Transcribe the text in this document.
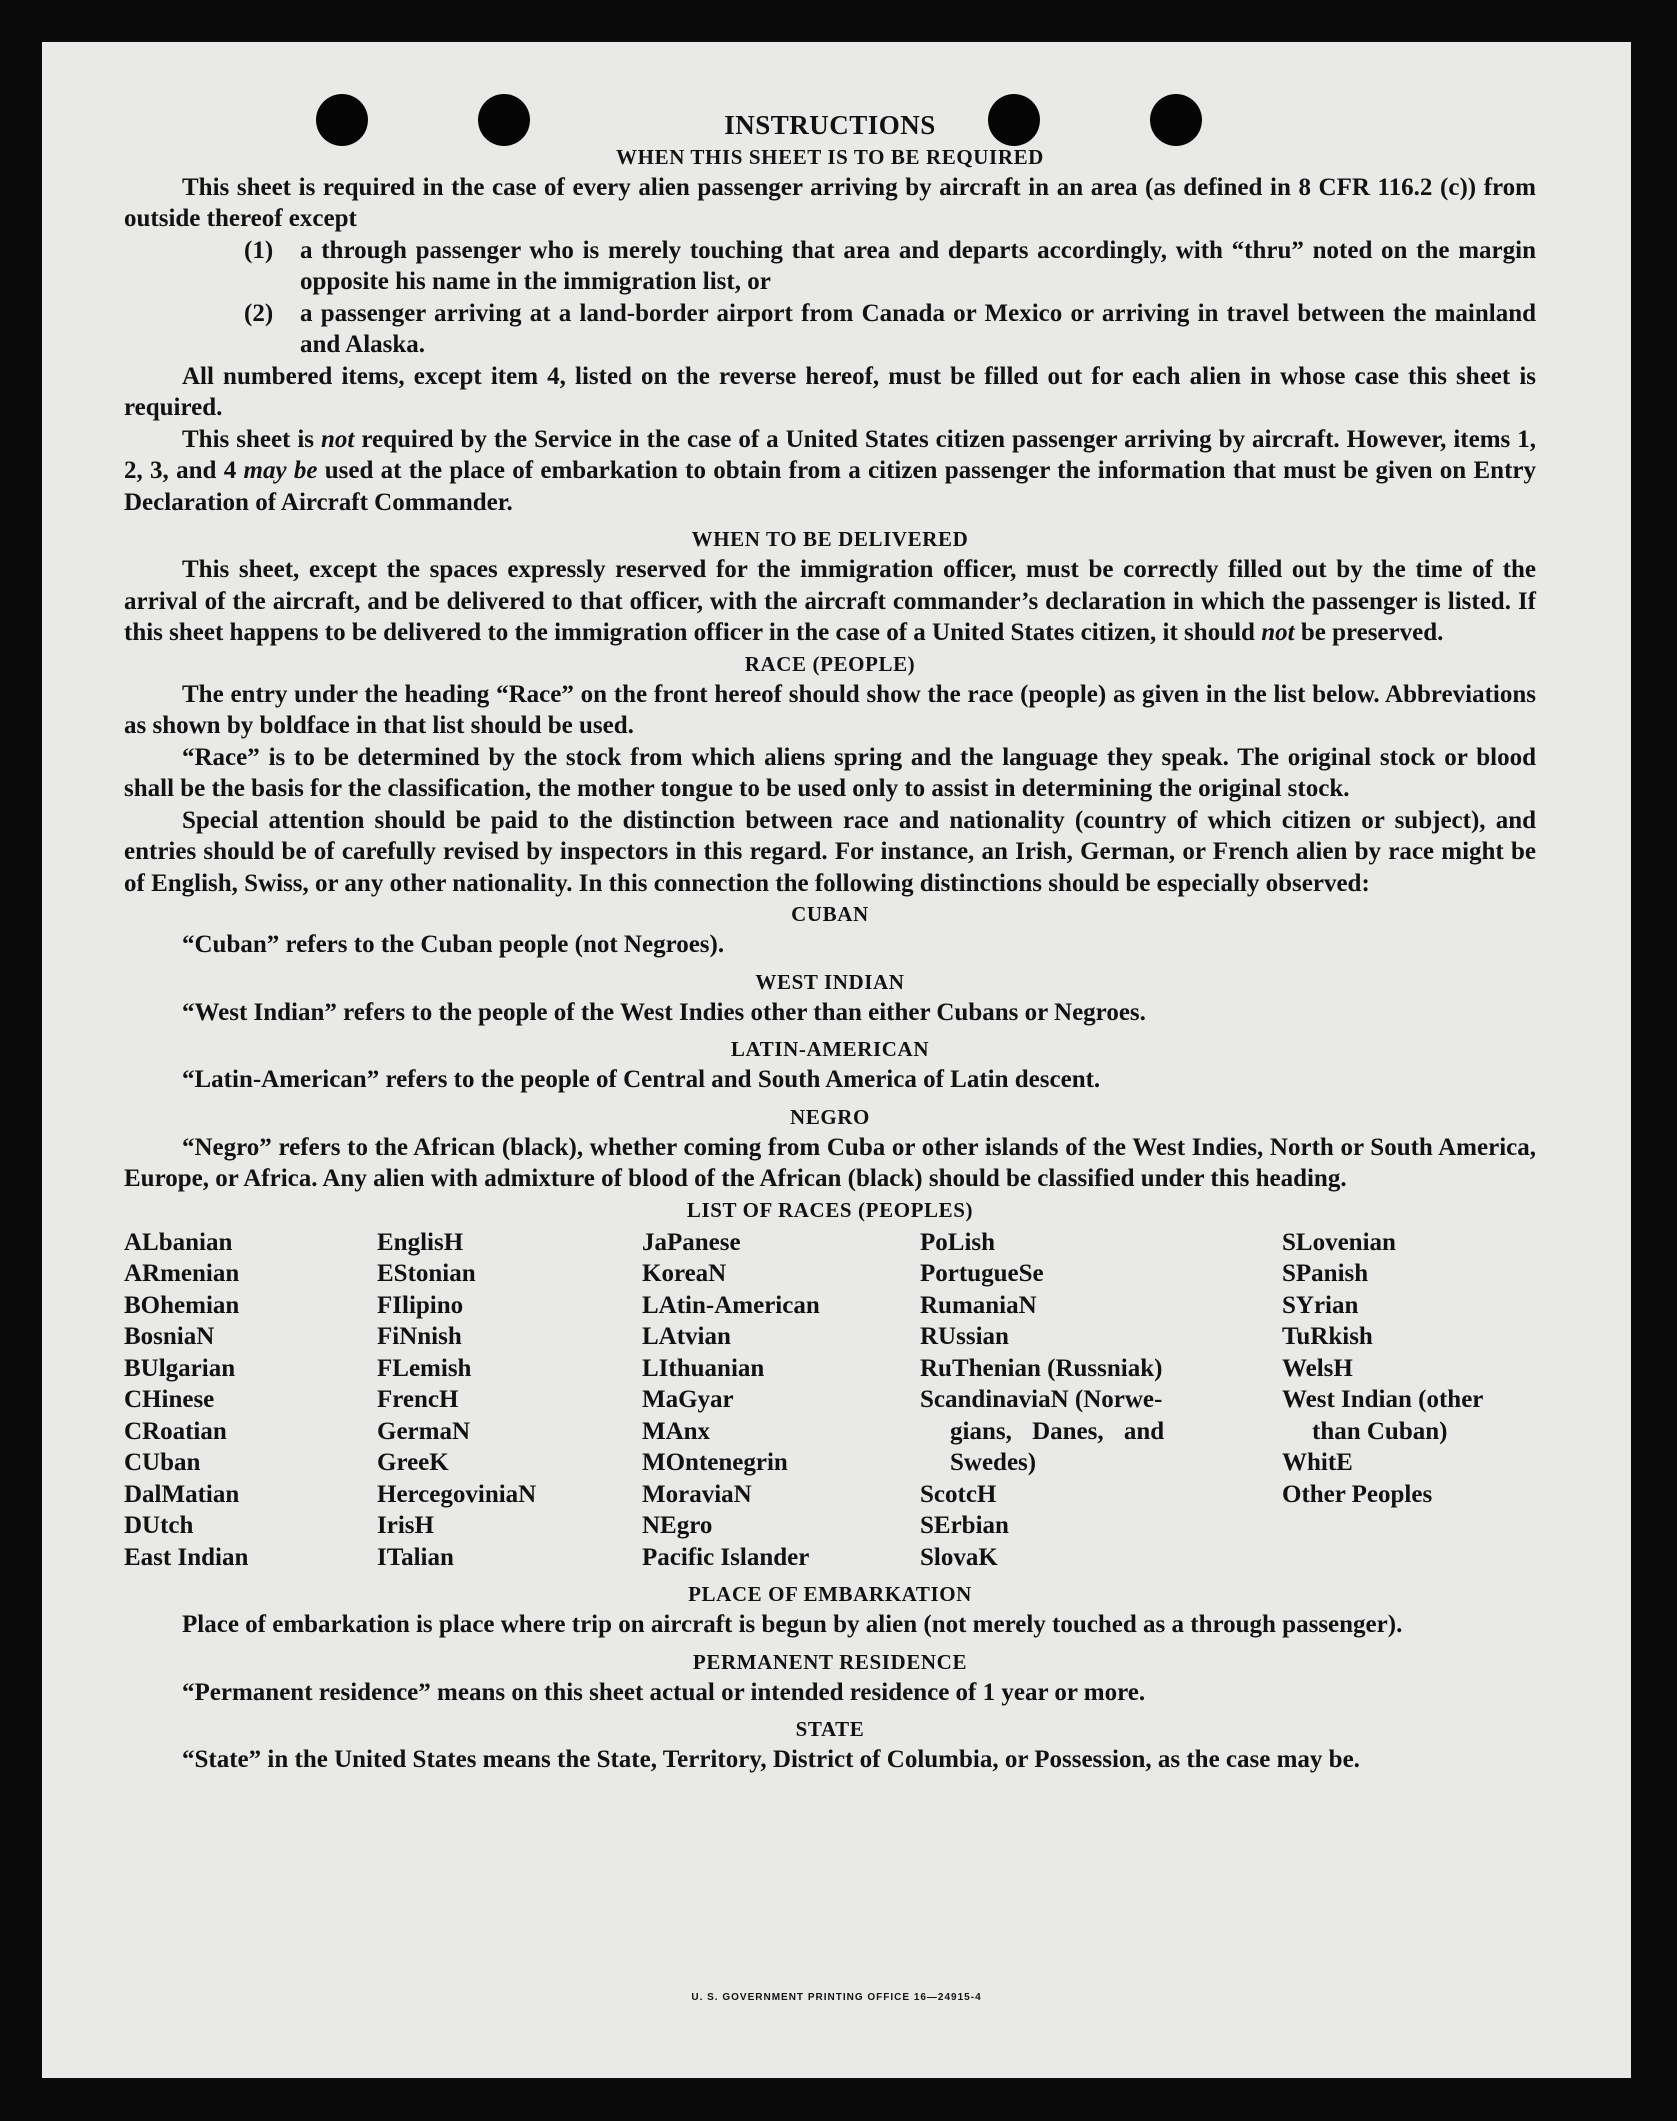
INSTRUCTIONS
WHEN THIS SHEET IS TO BE REQUIRED

This sheet is required in the case of every alien passenger arriving by aircraft in an area (as defined in 8 CFR 116.2 (c)) from outside thereof except

(1)	a through passenger who is merely touching that area and departs accordingly, with “thru” noted on the margin opposite his name in the immigration list, or
(2)	a passenger arriving at a land-border airport from Canada or Mexico or arriving in travel between the mainland and Alaska.

All numbered items, except item 4, listed on the reverse hereof, must be filled out for each alien in whose case this sheet is required.

This sheet is not required by the Service in the case of a United States citizen passenger arriving by aircraft. However, items 1, 2, 3, and 4 may be used at the place of embarkation to obtain from a citizen passenger the information that must be given on Entry Declaration of Aircraft Commander.

WHEN TO BE DELIVERED

This sheet, except the spaces expressly reserved for the immigration officer, must be correctly filled out by the time of the arrival of the aircraft, and be delivered to that officer, with the aircraft commander’s declaration in which the passenger is listed. If this sheet happens to be delivered to the immigration officer in the case of a United States citizen, it should not be preserved.

RACE (PEOPLE)

The entry under the heading “Race” on the front hereof should show the race (people) as given in the list below. Abbreviations as shown by boldface in that list should be used.

“Race” is to be determined by the stock from which aliens spring and the language they speak. The original stock or blood shall be the basis for the classification, the mother tongue to be used only to assist in determining the original stock.

Special attention should be paid to the distinction between race and nationality (country of which citizen or subject), and entries should be of carefully revised by inspectors in this regard. For instance, an Irish, German, or French alien by race might be of English, Swiss, or any other nationality. In this connection the following distinctions should be especially observed:

CUBAN

“Cuban” refers to the Cuban people (not Negroes).

WEST INDIAN

“West Indian” refers to the people of the West Indies other than either Cubans or Negroes.

LATIN-AMERICAN

“Latin-American” refers to the people of Central and South America of Latin descent.

NEGRO

“Negro” refers to the African (black), whether coming from Cuba or other islands of the West Indies, North or South America, Europe, or Africa. Any alien with admixture of blood of the African (black) should be classified under this heading.

LIST OF RACES (PEOPLES)
ALbanian
ARmenian
BOhemian
BosniaN
BUlgarian
CHinese
CRoatian
CUban
DalMatian
DUtch
East Indian
EnglisH
EStonian
FIlipino
FiNnish
FLemish
FrencH
GermaN
GreeK
HercegoviniaN
IrisH
ITalian
JaPanese
KoreaN
LAtin-American
LAtvian
LIthuanian
MaGyar
MAnx
MOntenegrin
MoraviaN
NEgro
Pacific Islander
PoLish
PortugueSe
RumaniaN
RUssian
RuThenian (Russniak)
ScandinaviaN (Norwe-
gians, Danes, and
Swedes)
ScotcH
SErbian
SlovaK
SLovenian
SPanish
SYrian
TuRkish
WelsH
West Indian (other
than Cuban)
WhitE
Other Peoples
PLACE OF EMBARKATION

Place of embarkation is place where trip on aircraft is begun by alien (not merely touched as a through passenger).

PERMANENT RESIDENCE

“Permanent residence” means on this sheet actual or intended residence of 1 year or more.

STATE

“State” in the United States means the State, Territory, District of Columbia, or Possession, as the case may be.

U. S. GOVERNMENT PRINTING OFFICE 16—24915-4
